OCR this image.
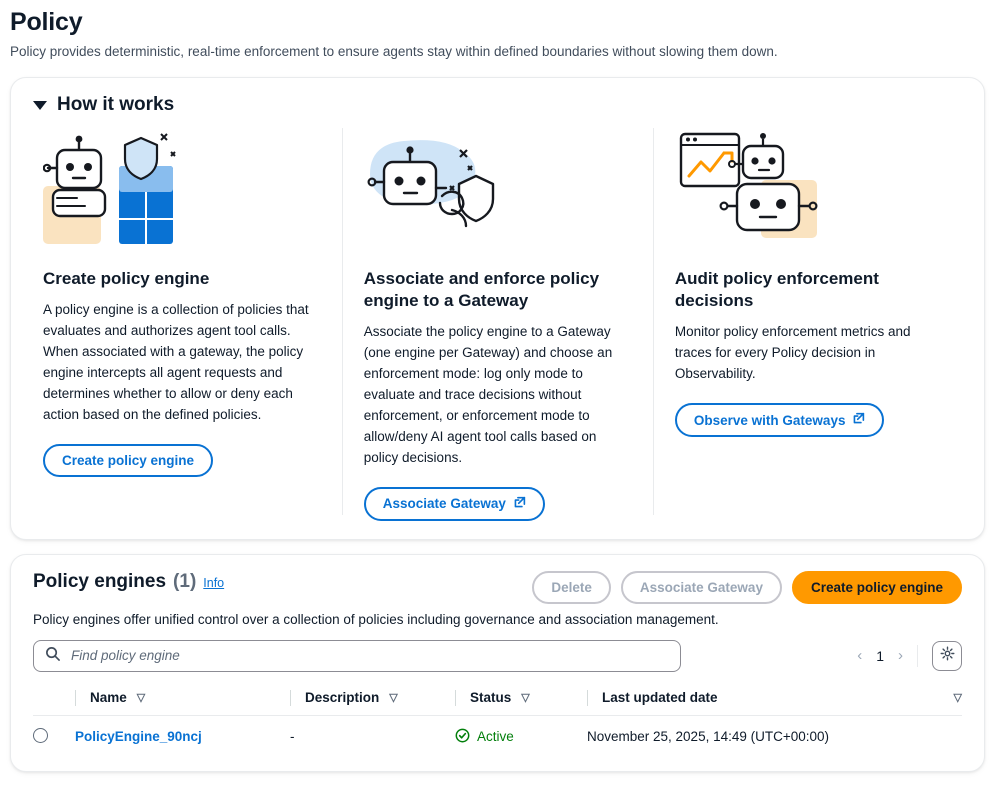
Policy

Policy provides deterministic, real-time enforcement to ensure agents stay within defined boundaries without slowing them down.

How it works
Create policy engine

A policy engine is a collection of policies that evaluates and authorizes agent tool calls. When associated with a gateway, the policy engine intercepts all agent requests and determines whether to allow or deny each action based on the defined policies.

Create policy engine
Associate and enforce policy engine to a Gateway

Associate the policy engine to a Gateway (one engine per Gateway) and choose an enforcement mode: log only mode to evaluate and trace decisions without enforcement, or enforcement mode to allow/deny AI agent tool calls based on policy decisions.

Associate Gateway
Audit policy enforcement decisions

Monitor policy enforcement metrics and traces for every Policy decision in Observability.

Observe with Gateways
Policy engines (1) Info	Delete	Associate Gateway	Create policy engine

Policy engines offer unified control over a collection of policies including governance and association management.

Find policy engine
‹ 1 ›

	Name ▽	Description ▽	Status ▽	Last updated date ▽

	PolicyEngine_90ncj	-	Active	November 25, 2025, 14:49 (UTC+00:00)
